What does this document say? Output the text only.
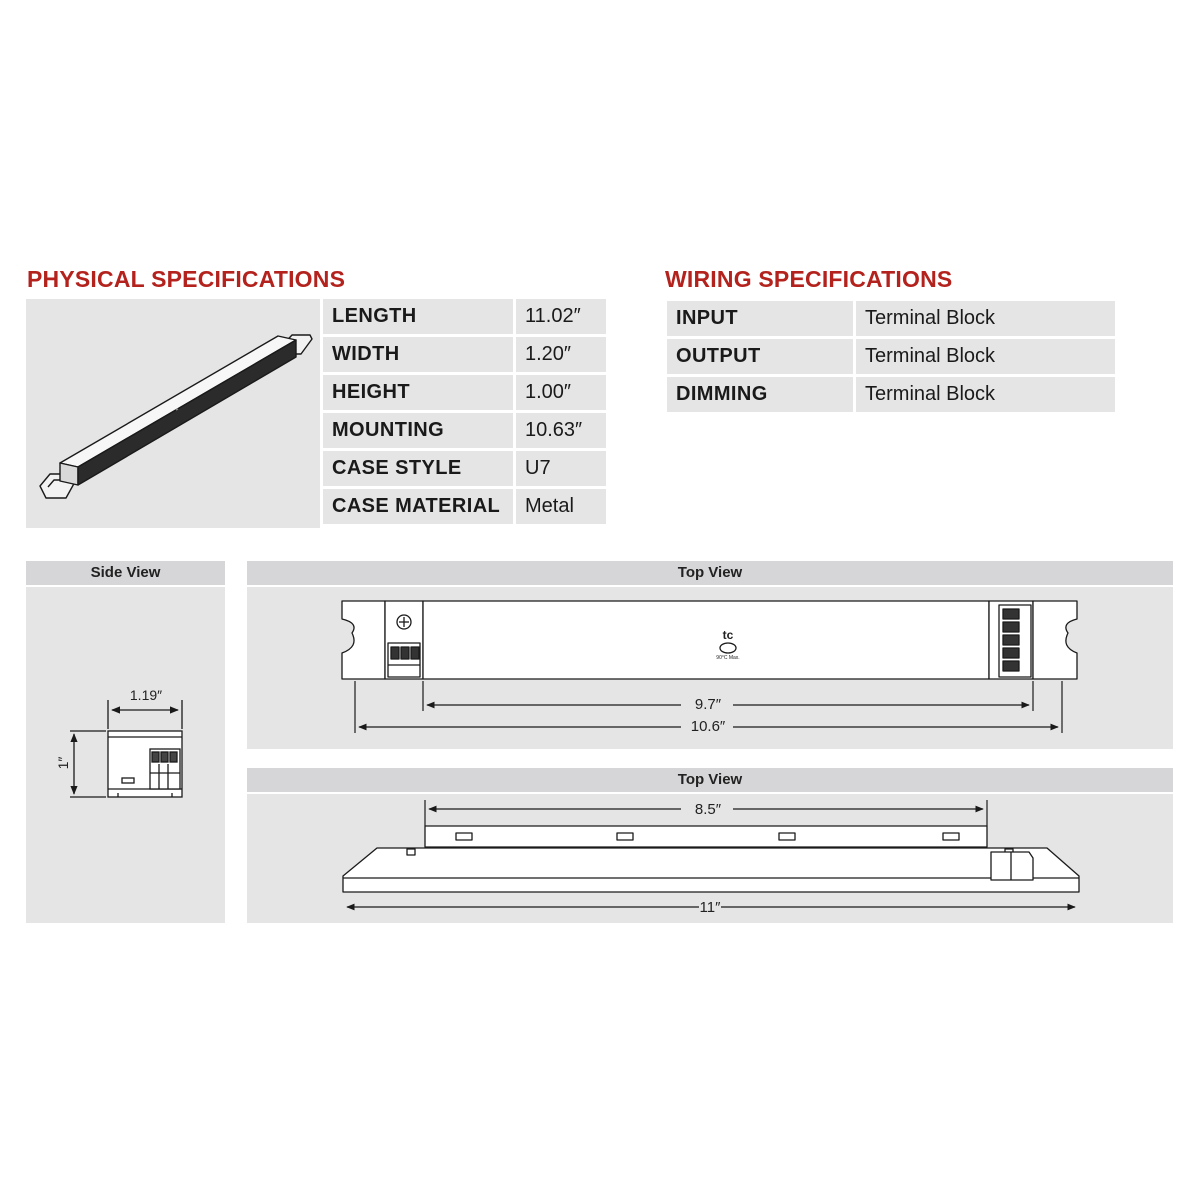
PHYSICAL SPECIFICATIONS
LENGTH	11.02″
WIDTH	1.20″
HEIGHT	1.00″
MOUNTING	10.63″
CASE STYLE	U7
CASE MATERIAL	Metal
WIRING SPECIFICATIONS
INPUT	Terminal Block
OUTPUT	Terminal Block
DIMMING	Terminal Block
Side View
1.19″
1″
Top View
tc
90°C Max.
9.7″
10.6″
Top View
8.5″
11″
